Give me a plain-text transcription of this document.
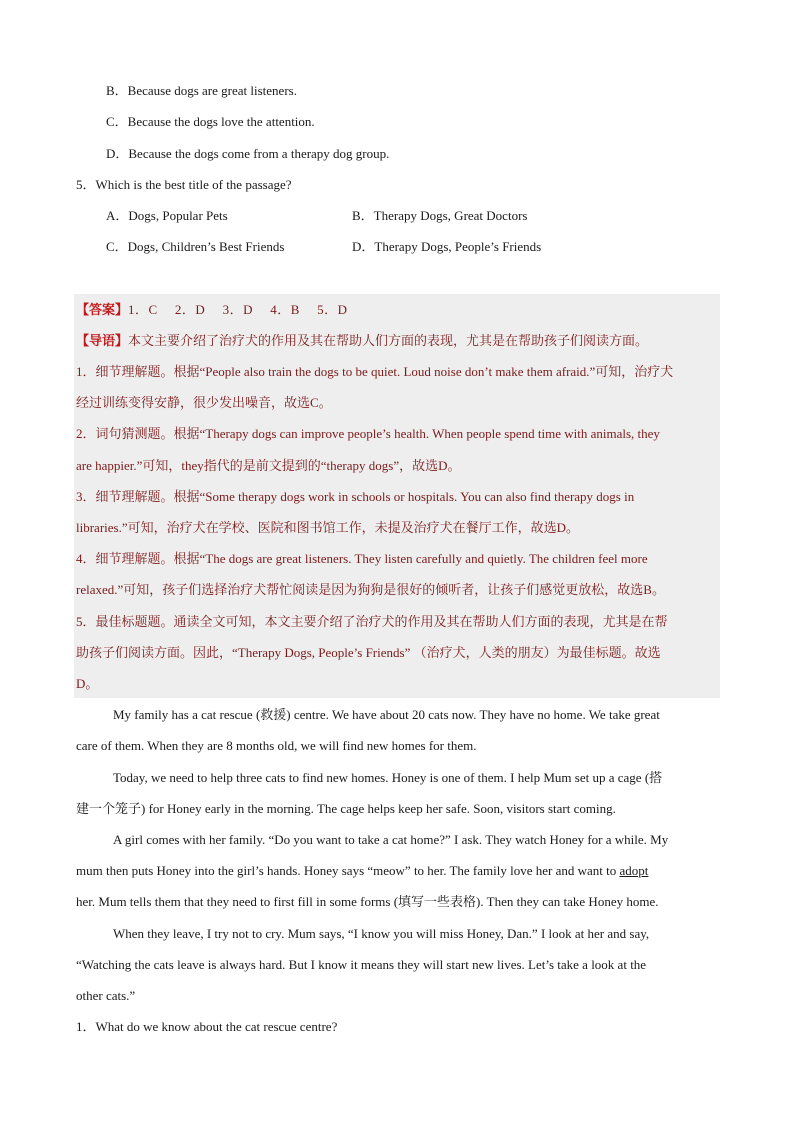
B．Because dogs are great listeners.
C．Because the dogs love the attention.
D．Because the dogs come from a therapy dog group.
5．Which is the best title of the passage?
A．Dogs, Popular Pets	B．Therapy Dogs, Great Doctors
C．Dogs, Children’s Best Friends	D．Therapy Dogs, People’s Friends
【答案】1．C　 2．D　 3．D　 4．B　 5．D
【导语】本文主要介绍了治疗犬的作用及其在帮助人们方面的表现，尤其是在帮助孩子们阅读方面。
1．细节理解题。根据“People also train the dogs to be quiet. Loud noise don’t make them afraid.”可知，治疗犬
经过训练变得安静，很少发出噪音，故选C。
2．词句猜测题。根据“Therapy dogs can improve people’s health. When people spend time with animals, they
are happier.”可知，they指代的是前文提到的“therapy dogs”，故选D。
3．细节理解题。根据“Some therapy dogs work in schools or hospitals. You can also find therapy dogs in
libraries.”可知，治疗犬在学校、医院和图书馆工作，未提及治疗犬在餐厅工作，故选D。
4．细节理解题。根据“The dogs are great listeners. They listen carefully and quietly. The children feel more
relaxed.”可知，孩子们选择治疗犬帮忙阅读是因为狗狗是很好的倾听者，让孩子们感觉更放松，故选B。
5．最佳标题题。通读全文可知，本文主要介绍了治疗犬的作用及其在帮助人们方面的表现，尤其是在帮
助孩子们阅读方面。因此，“Therapy Dogs, People’s Friends” （治疗犬，人类的朋友）为最佳标题。故选
D。
My family has a cat rescue (救援) centre. We have about 20 cats now. They have no home. We take great
care of them. When they are 8 months old, we will find new homes for them.
Today, we need to help three cats to find new homes. Honey is one of them. I help Mum set up a cage (搭
建一个笼子) for Honey early in the morning. The cage helps keep her safe. Soon, visitors start coming.
A girl comes with her family. “Do you want to take a cat home?” I ask. They watch Honey for a while. My
mum then puts Honey into the girl’s hands. Honey says “meow” to her. The family love her and want to adopt
her. Mum tells them that they need to first fill in some forms (填写一些表格). Then they can take Honey home.
When they leave, I try not to cry. Mum says, “I know you will miss Honey, Dan.” I look at her and say,
“Watching the cats leave is always hard. But I know it means they will start new lives. Let’s take a look at the
other cats.”
1．What do we know about the cat rescue centre?
